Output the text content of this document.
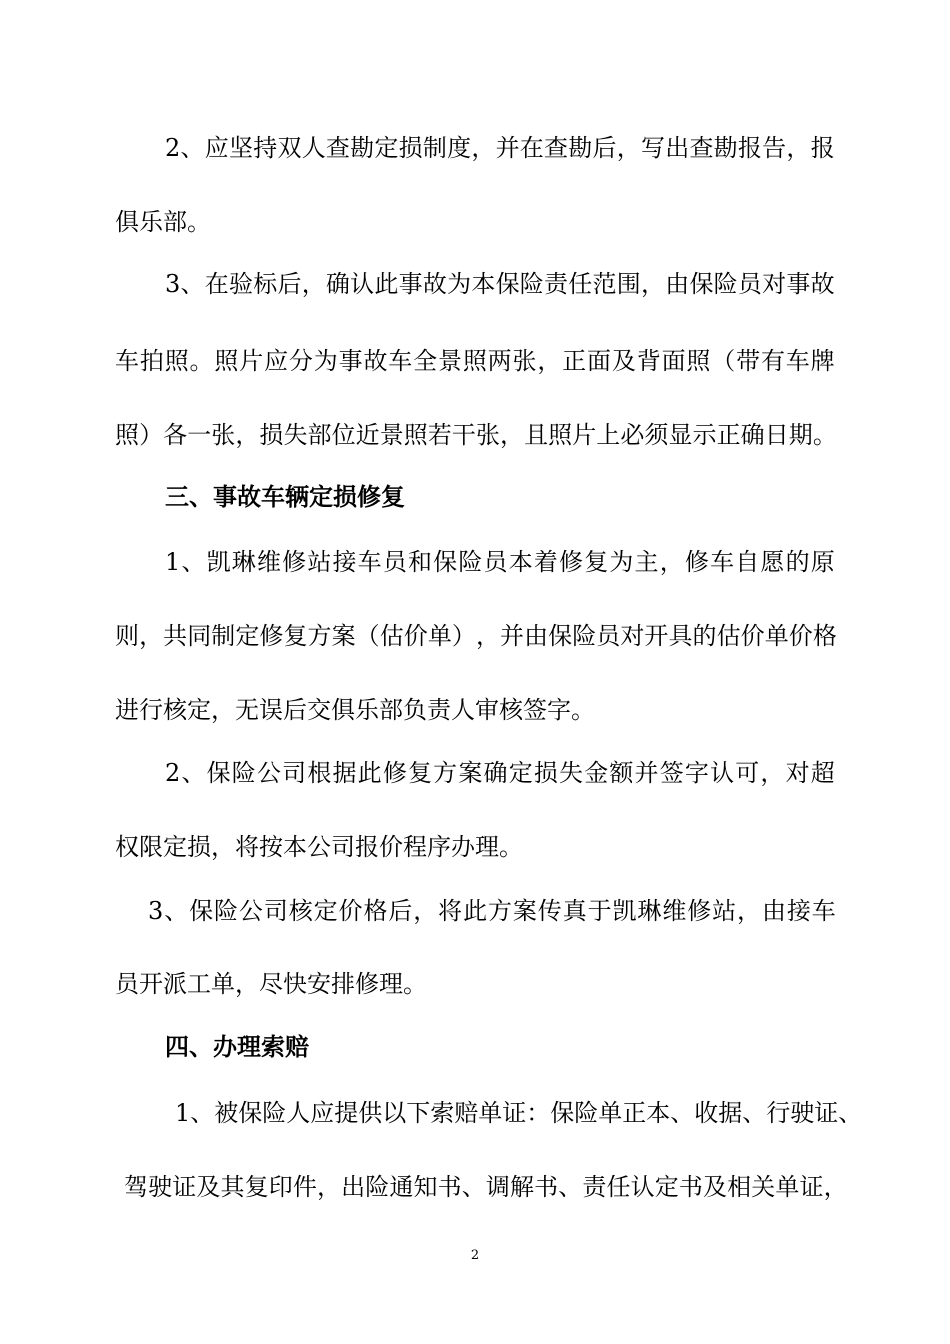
2 、 应 坚 持 双 人 查 勘 定 损 制 度 ， 并 在 查 勘 后 ， 写 出 查 勘 报 告 ， 报
俱乐部。
3 、 在 验 标 后 ， 确 认 此 事 故 为 本 保 险 责 任 范 围 ， 由 保 险 员 对 事 故
车 拍 照 。 照 片 应 分 为 事 故 车 全 景 照 两 张 ， 正 面 及 背 面 照 （ 带 有 车 牌
照 ） 各 一 张 ， 损 失 部 位 近 景 照 若 干 张 ， 且 照 片 上 必 须 显 示 正 确 日 期 。
三、事故车辆定损修复
1 、 凯 琳 维 修 站 接 车 员 和 保 险 员 本 着 修 复 为 主 ， 修 车 自 愿 的 原
则 ， 共 同 制 定 修 复 方 案 （ 估 价 单 ） ， 并 由 保 险 员 对 开 具 的 估 价 单 价 格
进行核定，无误后交俱乐部负责人审核签字。
2 、 保 险 公 司 根 据 此 修 复 方 案 确 定 损 失 金 额 并 签 字 认 可 ， 对 超
权限定损，将按本公司报价程序办理。
3 、 保 险 公 司 核 定 价 格 后 ， 将 此 方 案 传 真 于 凯 琳 维 修 站 ， 由 接 车
员开派工单，尽快安排修理。
四、办理索赔
1 、 被 保 险 人 应 提 供 以 下 索 赔 单 证 ： 保 险 单 正 本 、 收 据 、 行 驶 证 、
驾 驶 证 及 其 复 印 件 ， 出 险 通 知 书 、 调 解 书 、 责 任 认 定 书 及 相 关 单 证 ，
2
